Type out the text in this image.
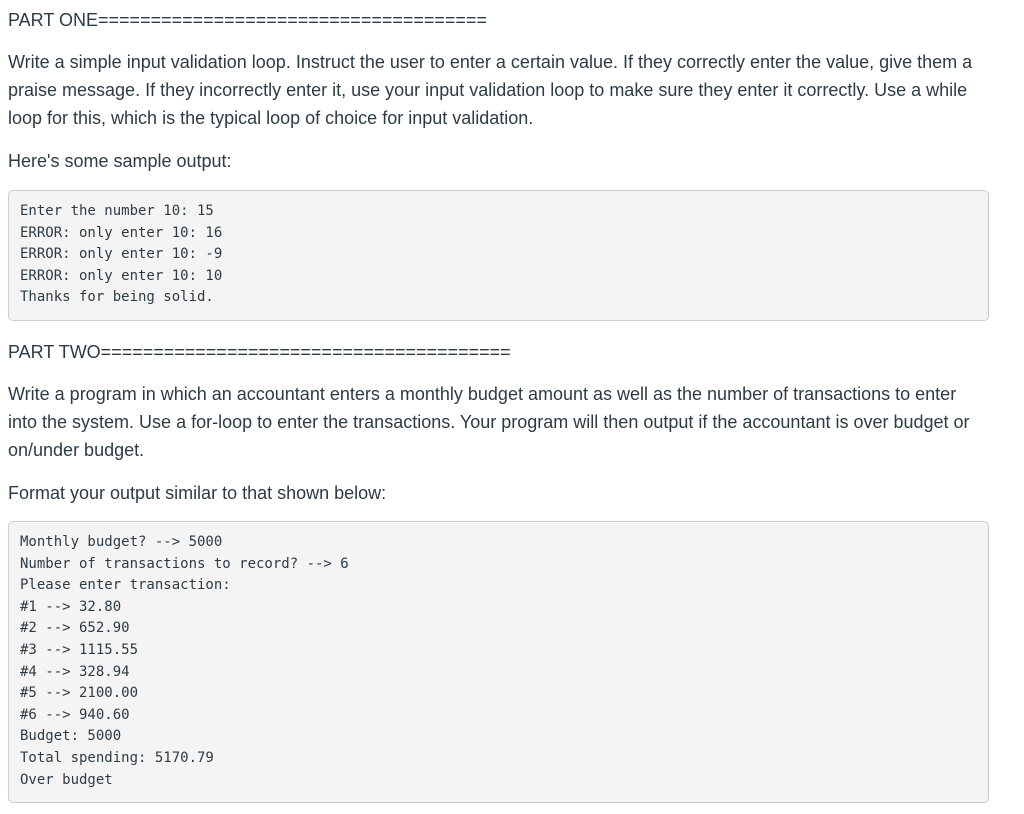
PART ONE=====================================

Write a simple input validation loop. Instruct the user to enter a certain value. If they correctly enter the value, give them a praise message. If they incorrectly enter it, use your input validation loop to make sure they enter it correctly. Use a while loop for this, which is the typical loop of choice for input validation.

Here's some sample output:

Enter the number 10: 15
ERROR: only enter 10: 16
ERROR: only enter 10: -9
ERROR: only enter 10: 10
Thanks for being solid.

PART TWO=======================================

Write a program in which an accountant enters a monthly budget amount as well as the number of transactions to enter into the system. Use a for-loop to enter the transactions. Your program will then output if the accountant is over budget or on/under budget.

Format your output similar to that shown below:

Monthly budget? --> 5000
Number of transactions to record? --> 6
Please enter transaction:
#1 --> 32.80
#2 --> 652.90
#3 --> 1115.55
#4 --> 328.94
#5 --> 2100.00
#6 --> 940.60
Budget: 5000
Total spending: 5170.79
Over budget
